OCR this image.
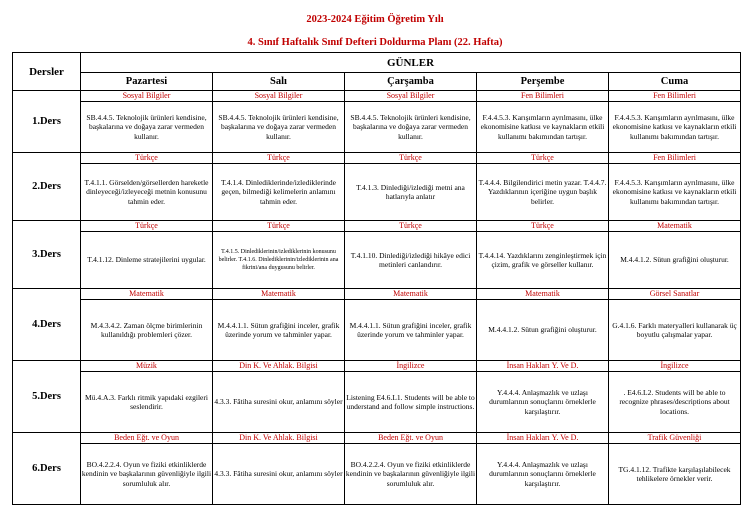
2023-2024 Eğitim Öğretim Yılı
4. Sınıf Haftalık Sınıf Defteri Doldurma Planı (22. Hafta)
Dersler	GÜNLER				
	Pazartesi	Salı	Çarşamba	Perşembe	Cuma
1.Ders	Sosyal Bilgiler	Sosyal Bilgiler	Sosyal Bilgiler	Fen Bilimleri	Fen Bilimleri
	SB.4.4.5. Teknolojik ürünleri kendisine, başkalarına ve doğaya zarar vermeden kullanır.	SB.4.4.5. Teknolojik ürünleri kendisine, başkalarına ve doğaya zarar vermeden kullanır.	SB.4.4.5. Teknolojik ürünleri kendisine, başkalarına ve doğaya zarar vermeden kullanır.	F.4.4.5.3. Karışımların ayrılmasını, ülke ekonomisine katkısı ve kaynakların etkili kullanımı bakımından tartışır.	F.4.4.5.3. Karışımların ayrılmasını, ülke ekonomisine katkısı ve kaynakların etkili kullanımı bakımından tartışır.
2.Ders	Türkçe	Türkçe	Türkçe	Türkçe	Fen Bilimleri
	T.4.1.1. Görselden/görsellerden hareketle dinleyeceği/izleyeceği metnin konusunu tahmin eder.	T.4.1.4. Dinlediklerinde/izlediklerinde geçen, bilmediği kelimelerin anlamını tahmin eder.	T.4.1.3. Dinlediği/izlediği metni ana hatlarıyla anlatır	T.4.4.4. Bilgilendirici metin yazar. T.4.4.7. Yazdıklarının içeriğine uygun başlık belirler.	F.4.4.5.3. Karışımların ayrılmasını, ülke ekonomisine katkısı ve kaynakların etkili kullanımı bakımından tartışır.
3.Ders	Türkçe	Türkçe	Türkçe	Türkçe	Matematik
	T.4.1.12. Dinleme stratejilerini uygular.	T.4.1.5. Dinlediklerinin/izlediklerinin konusunu belirler. T.4.1.6. Dinlediklerinin/izlediklerinin ana fikrini/ana duygusunu belirler.	T.4.1.10. Dinlediği/izlediği hikâye edici metinleri canlandırır.	T.4.4.14. Yazdıklarını zenginleştirmek için çizim, grafik ve görseller kullanır.	M.4.4.1.2. Sütun grafiğini oluşturur.
4.Ders	Matematik	Matematik	Matematik	Matematik	Görsel Sanatlar
	M.4.3.4.2. Zaman ölçme birimlerinin kullanıldığı problemleri çözer.	M.4.4.1.1. Sütun grafiğini inceler, grafik üzerinde yorum ve tahminler yapar.	M.4.4.1.1. Sütun grafiğini inceler, grafik üzerinde yorum ve tahminler yapar.	M.4.4.1.2. Sütun grafiğini oluşturur.	G.4.1.6. Farklı materyalleri kullanarak üç boyutlu çalışmalar yapar.
5.Ders	Müzik	Din K. Ve Ahlak. Bilgisi	İngilizce	İnsan Hakları Y. Ve D.	İngilizce
	Mü.4.A.3. Farklı ritmik yapıdaki ezgileri seslendirir.	4.3.3. Fâtiha suresini okur, anlamını söyler	Listening E4.6.L1. Students will be able to understand and follow simple instructions.	Y.4.4.4. Anlaşmazlık ve uzlaşı durumlarının sonuçlarını örneklerle karşılaştırır.	. E4.6.L2. Students will be able to recognize phrases/descriptions about locations.
6.Ders	Beden Eğt. ve Oyun	Din K. Ve Ahlak. Bilgisi	Beden Eğt. ve Oyun	İnsan Hakları Y. Ve D.	Trafik Güvenliği
	BO.4.2.2.4. Oyun ve fiziki etkinliklerde kendinin ve başkalarının güvenliğiyle ilgili sorumluluk alır.	4.3.3. Fâtiha suresini okur, anlamını söyler	BO.4.2.2.4. Oyun ve fiziki etkinliklerde kendinin ve başkalarının güvenliğiyle ilgili sorumluluk alır.	Y.4.4.4. Anlaşmazlık ve uzlaşı durumlarının sonuçlarını örneklerle karşılaştırır.	TG.4.1.12. Trafikte karşılaşılabilecek tehlikelere örnekler verir.
